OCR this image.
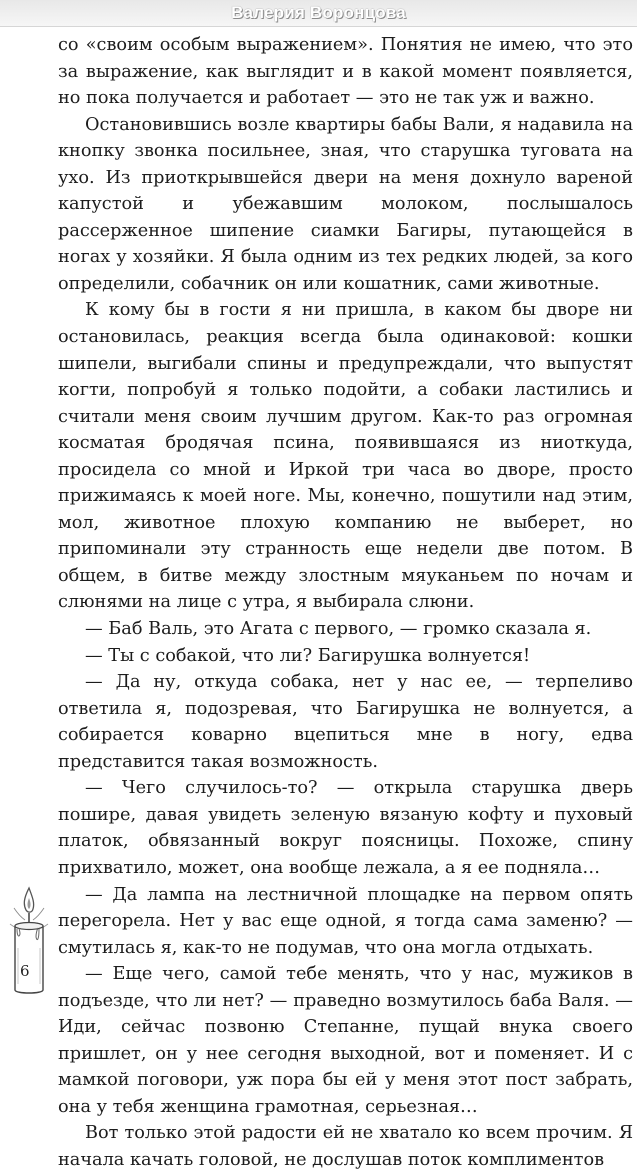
Валерия Воронцова

со «своим особым выражением». Понятия не имею, что это за выражение, как выглядит и в какой момент появляется, но пока получается и работает — это не так уж и важно.

Остановившись возле квартиры бабы Вали, я надавила на кнопку звонка посильнее, зная, что старушка туговата на ухо. Из приоткрывшейся двери на меня дохнуло вареной капустой и убежавшим молоком, послышалось рассерженное шипение сиамки Багиры, путающейся в ногах у хозяйки. Я была одним из тех редких людей, за кого определили, собачник он или кошатник, сами животные.

К кому бы в гости я ни пришла, в каком бы дворе ни остановилась, реакция всегда была одинаковой: кошки шипели, выгибали спины и предупреждали, что выпустят когти, попробуй я только подойти, а собаки ластились и считали меня своим лучшим другом. Как-то раз огромная косматая бродячая псина, появившаяся из ниоткуда, просидела со мной и Иркой три часа во дворе, просто прижимаясь к моей ноге. Мы, конечно, пошутили над этим, мол, животное плохую компанию не выберет, но припоминали эту странность еще недели две потом. В общем, в битве между злостным мяуканьем по ночам и слюнями на лице с утра, я выбирала слюни.

— Баб Валь, это Агата с первого, — громко сказала я.

— Ты с собакой, что ли? Багирушка волнуется!

— Да ну, откуда собака, нет у нас ее, — терпеливо ответила я, подозревая, что Багирушка не волнуется, а собирается коварно вцепиться мне в ногу, едва представится такая возможность.

— Чего случилось-то? — открыла старушка дверь пошире, давая увидеть зеленую вязаную кофту и пуховый платок, обвязанный вокруг поясницы. Похоже, спину прихватило, может, она вообще лежала, а я ее подняла…

— Да лампа на лестничной площадке на первом опять перегорела. Нет у вас еще одной, я тогда сама заменю? — смутилась я, как-то не подумав, что она могла отдыхать.

— Еще чего, самой тебе менять, что у нас, мужиков в подъезде, что ли нет? — праведно возмутилось баба Валя. — Иди, сейчас позвоню Степанне, пущай внука своего пришлет, он у нее сегодня выходной, вот и поменяет. И с мамкой поговори, уж пора бы ей у меня этот пост забрать, она у тебя женщина грамотная, серьезная…

Вот только этой радости ей не хватало ко всем прочим. Я начала качать головой, не дослушав поток комплиментов

6
